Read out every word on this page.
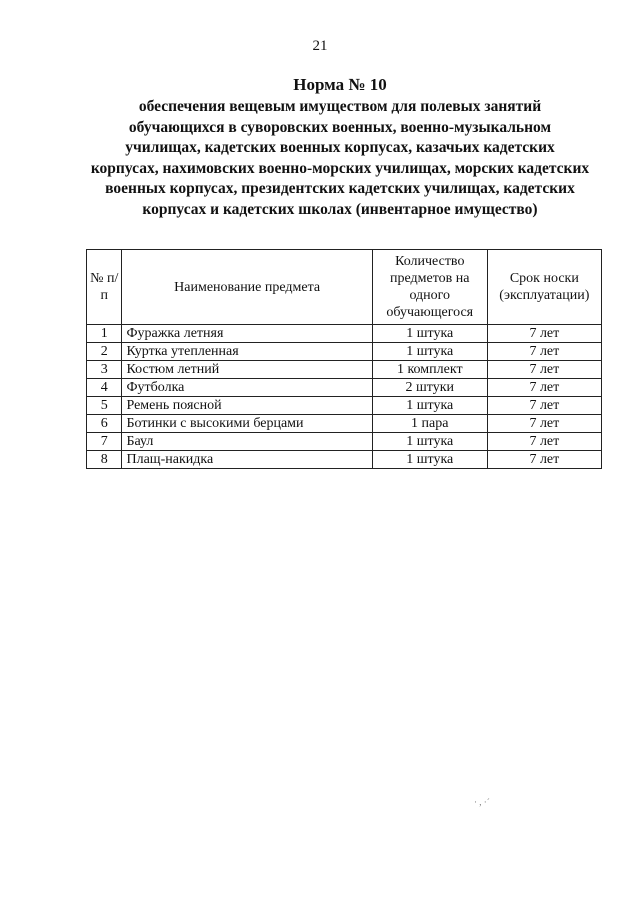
21
Норма № 10
обеспечения вещевым имуществом для полевых занятий обучающихся в суворовских военных, военно-музыкальном училищах, кадетских военных корпусах, казачьих кадетских корпусах, нахимовских военно-морских училищах, морских кадетских военных корпусах, президентских кадетских училищах, кадетских корпусах и кадетских школах (инвентарное имущество)
№ п/п	Наименование предмета	Количество предметов на одного обучающегося	Срок носки (эксплуатации)
1	Фуражка летняя	1 штука	7 лет
2	Куртка утепленная	1 штука	7 лет
3	Костюм летний	1 комплект	7 лет
4	Футболка	2 штуки	7 лет
5	Ремень поясной	1 штука	7 лет
6	Ботинки с высокими берцами	1 пара	7 лет
7	Баул	1 штука	7 лет
8	Плащ-накидка	1 штука	7 лет
· , ·´
